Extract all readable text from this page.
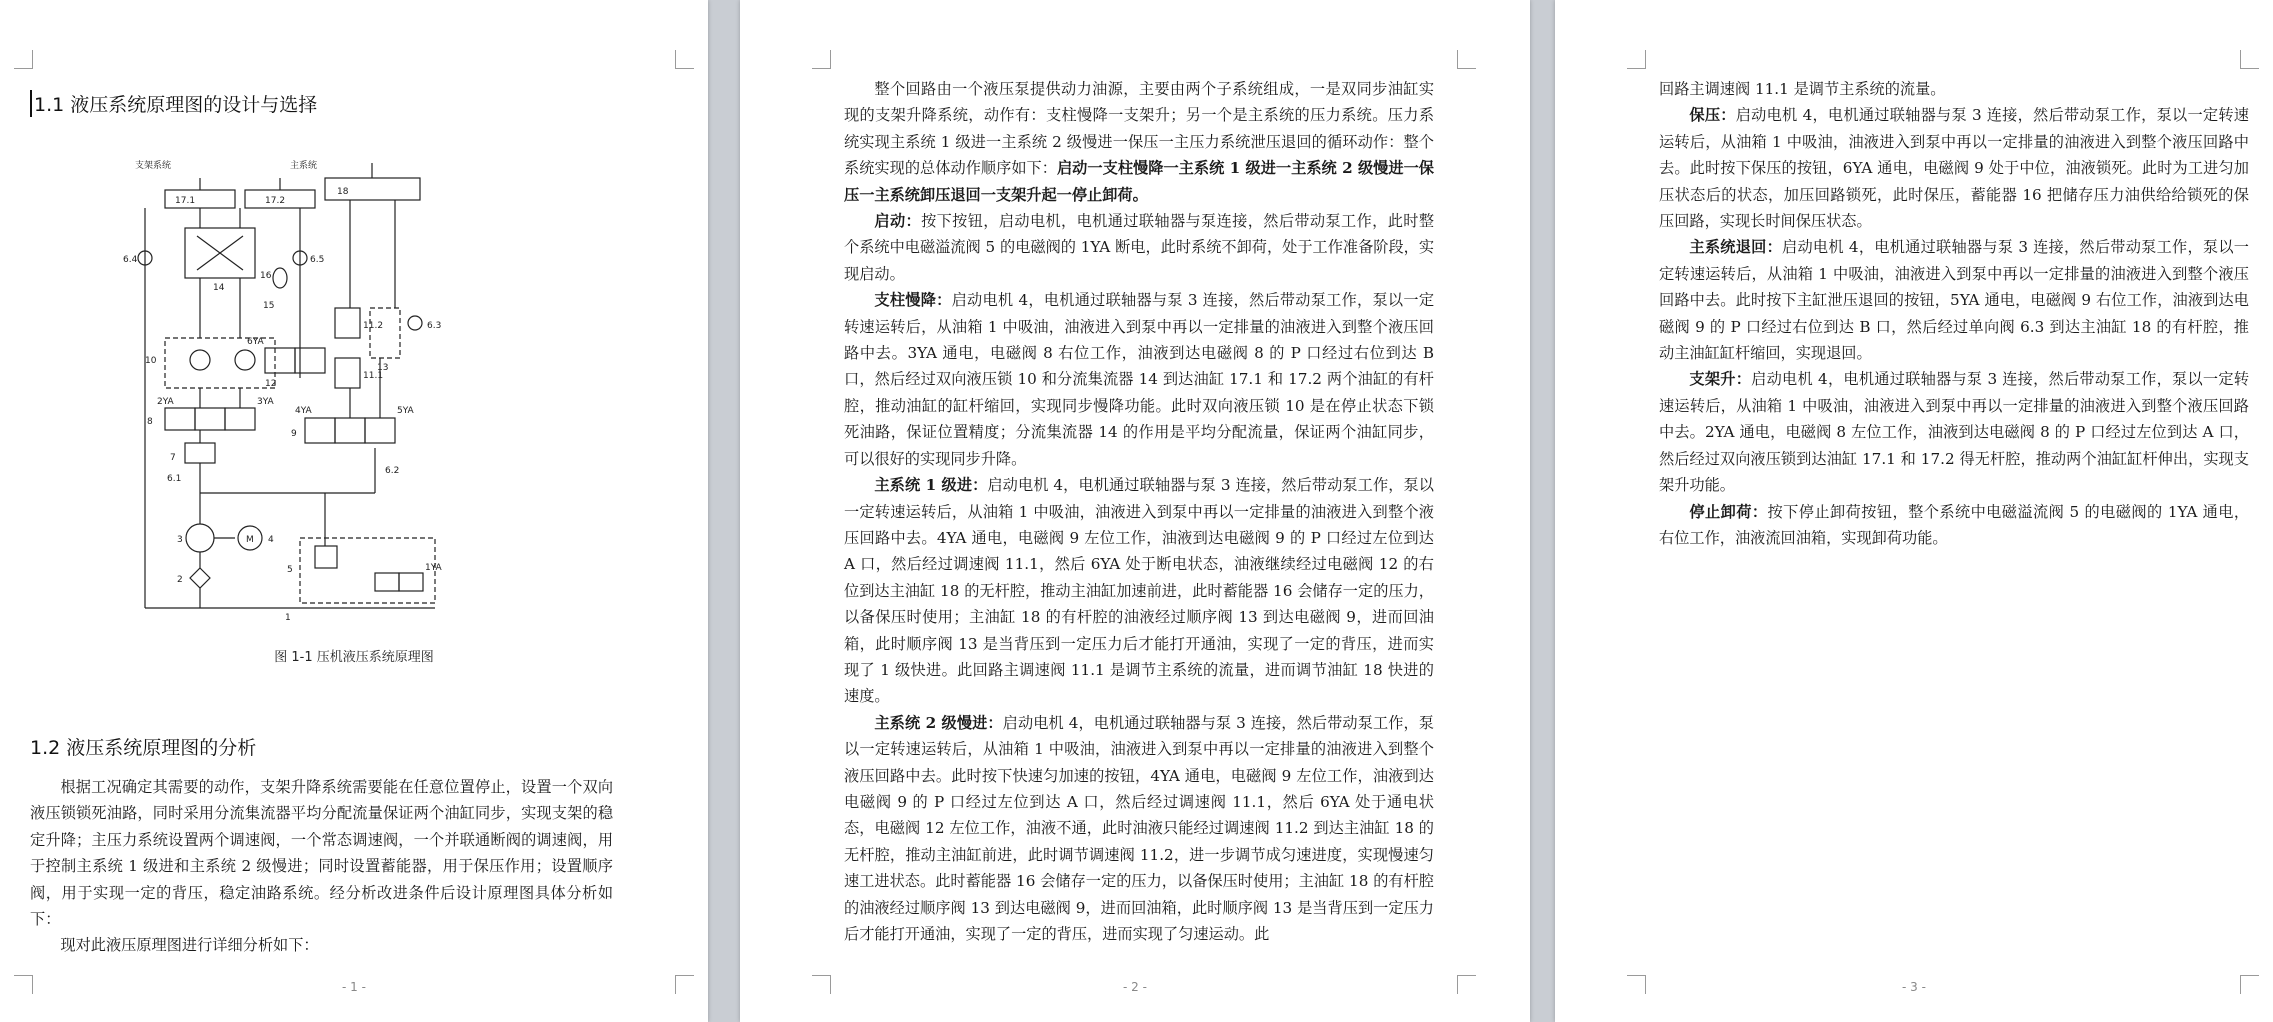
1.1 液压系统原理图的设计与选择
支架系统	主系统
17.1	17.2
14
6.4	6.5
16
15
18
6YA
12
11.2
11.1
13
6.3
10
2YA	3YA
8
7
4YA	5YA
9
6.2
6.1
3	M 4
2
5	1YA
1
图 1-1 压机液压系统原理图
1.2 液压系统原理图的分析

根据工况确定其需要的动作，支架升降系统需要能在任意位置停止，设置一个双向液压锁锁死油路，同时采用分流集流器平均分配流量保证两个油缸同步，实现支架的稳定升降；主压力系统设置两个调速阀，一个常态调速阀，一个并联通断阀的调速阀，用于控制主系统 1 级进和主系统 2 级慢进；同时设置蓄能器，用于保压作用；设置顺序阀，用于实现一定的背压，稳定油路系统。经分析改进条件后设计原理图具体分析如下：

现对此液压原理图进行详细分析如下：

- 1 -

整个回路由一个液压泵提供动力油源，主要由两个子系统组成，一是双同步油缸实现的支架升降系统，动作有：支柱慢降一支架升；另一个是主系统的压力系统。压力系统实现主系统 1 级进一主系统 2 级慢进一保压一主压力系统泄压退回的循环动作：整个系统实现的总体动作顺序如下：启动一支柱慢降一主系统 1 级进一主系统 2 级慢进一保压一主系统卸压退回一支架升起一停止卸荷。

启动：按下按钮，启动电机，电机通过联轴器与泵连接，然后带动泵工作，此时整个系统中电磁溢流阀 5 的电磁阀的 1YA 断电，此时系统不卸荷，处于工作准备阶段，实现启动。

支柱慢降：启动电机 4，电机通过联轴器与泵 3 连接，然后带动泵工作，泵以一定转速运转后，从油箱 1 中吸油，油液进入到泵中再以一定排量的油液进入到整个液压回路中去。3YA 通电，电磁阀 8 右位工作，油液到达电磁阀 8 的 P 口经过右位到达 B 口，然后经过双向液压锁 10 和分流集流器 14 到达油缸 17.1 和 17.2 两个油缸的有杆腔，推动油缸的缸杆缩回，实现同步慢降功能。此时双向液压锁 10 是在停止状态下锁死油路，保证位置精度；分流集流器 14 的作用是平均分配流量，保证两个油缸同步，可以很好的实现同步升降。

主系统 1 级进：启动电机 4，电机通过联轴器与泵 3 连接，然后带动泵工作，泵以一定转速运转后，从油箱 1 中吸油，油液进入到泵中再以一定排量的油液进入到整个液压回路中去。4YA 通电，电磁阀 9 左位工作，油液到达电磁阀 9 的 P 口经过左位到达 A 口，然后经过调速阀 11.1，然后 6YA 处于断电状态，油液继续经过电磁阀 12 的右位到达主油缸 18 的无杆腔，推动主油缸加速前进，此时蓄能器 16 会储存一定的压力，以备保压时使用；主油缸 18 的有杆腔的油液经过顺序阀 13 到达电磁阀 9，进而回油箱，此时顺序阀 13 是当背压到一定压力后才能打开通油，实现了一定的背压，进而实现了 1 级快进。此回路主调速阀 11.1 是调节主系统的流量，进而调节油缸 18 快进的速度。

主系统 2 级慢进：启动电机 4，电机通过联轴器与泵 3 连接，然后带动泵工作，泵以一定转速运转后，从油箱 1 中吸油，油液进入到泵中再以一定排量的油液进入到整个液压回路中去。此时按下快速匀加速的按钮，4YA 通电，电磁阀 9 左位工作，油液到达电磁阀 9 的 P 口经过左位到达 A 口，然后经过调速阀 11.1，然后 6YA 处于通电状态，电磁阀 12 左位工作，油液不通，此时油液只能经过调速阀 11.2 到达主油缸 18 的无杆腔，推动主油缸前进，此时调节调速阀 11.2，进一步调节成匀速进度，实现慢速匀速工进状态。此时蓄能器 16 会储存一定的压力，以备保压时使用；主油缸 18 的有杆腔的油液经过顺序阀 13 到达电磁阀 9，进而回油箱，此时顺序阀 13 是当背压到一定压力后才能打开通油，实现了一定的背压，进而实现了匀速运动。此

- 2 -

回路主调速阀 11.1 是调节主系统的流量。

保压：启动电机 4，电机通过联轴器与泵 3 连接，然后带动泵工作，泵以一定转速运转后，从油箱 1 中吸油，油液进入到泵中再以一定排量的油液进入到整个液压回路中去。此时按下保压的按钮，6YA 通电，电磁阀 9 处于中位，油液锁死。此时为工进匀加压状态后的状态，加压回路锁死，此时保压，蓄能器 16 把储存压力油供给给锁死的保压回路，实现长时间保压状态。

主系统退回：启动电机 4，电机通过联轴器与泵 3 连接，然后带动泵工作，泵以一定转速运转后，从油箱 1 中吸油，油液进入到泵中再以一定排量的油液进入到整个液压回路中去。此时按下主缸泄压退回的按钮，5YA 通电，电磁阀 9 右位工作，油液到达电磁阀 9 的 P 口经过右位到达 B 口，然后经过单向阀 6.3 到达主油缸 18 的有杆腔，推动主油缸缸杆缩回，实现退回。

支架升：启动电机 4，电机通过联轴器与泵 3 连接，然后带动泵工作，泵以一定转速运转后，从油箱 1 中吸油，油液进入到泵中再以一定排量的油液进入到整个液压回路中去。2YA 通电，电磁阀 8 左位工作，油液到达电磁阀 8 的 P 口经过左位到达 A 口，然后经过双向液压锁到达油缸 17.1 和 17.2 得无杆腔，推动两个油缸缸杆伸出，实现支架升功能。

停止卸荷：按下停止卸荷按钮，整个系统中电磁溢流阀 5 的电磁阀的 1YA 通电，右位工作，油液流回油箱，实现卸荷功能。

- 3 -
